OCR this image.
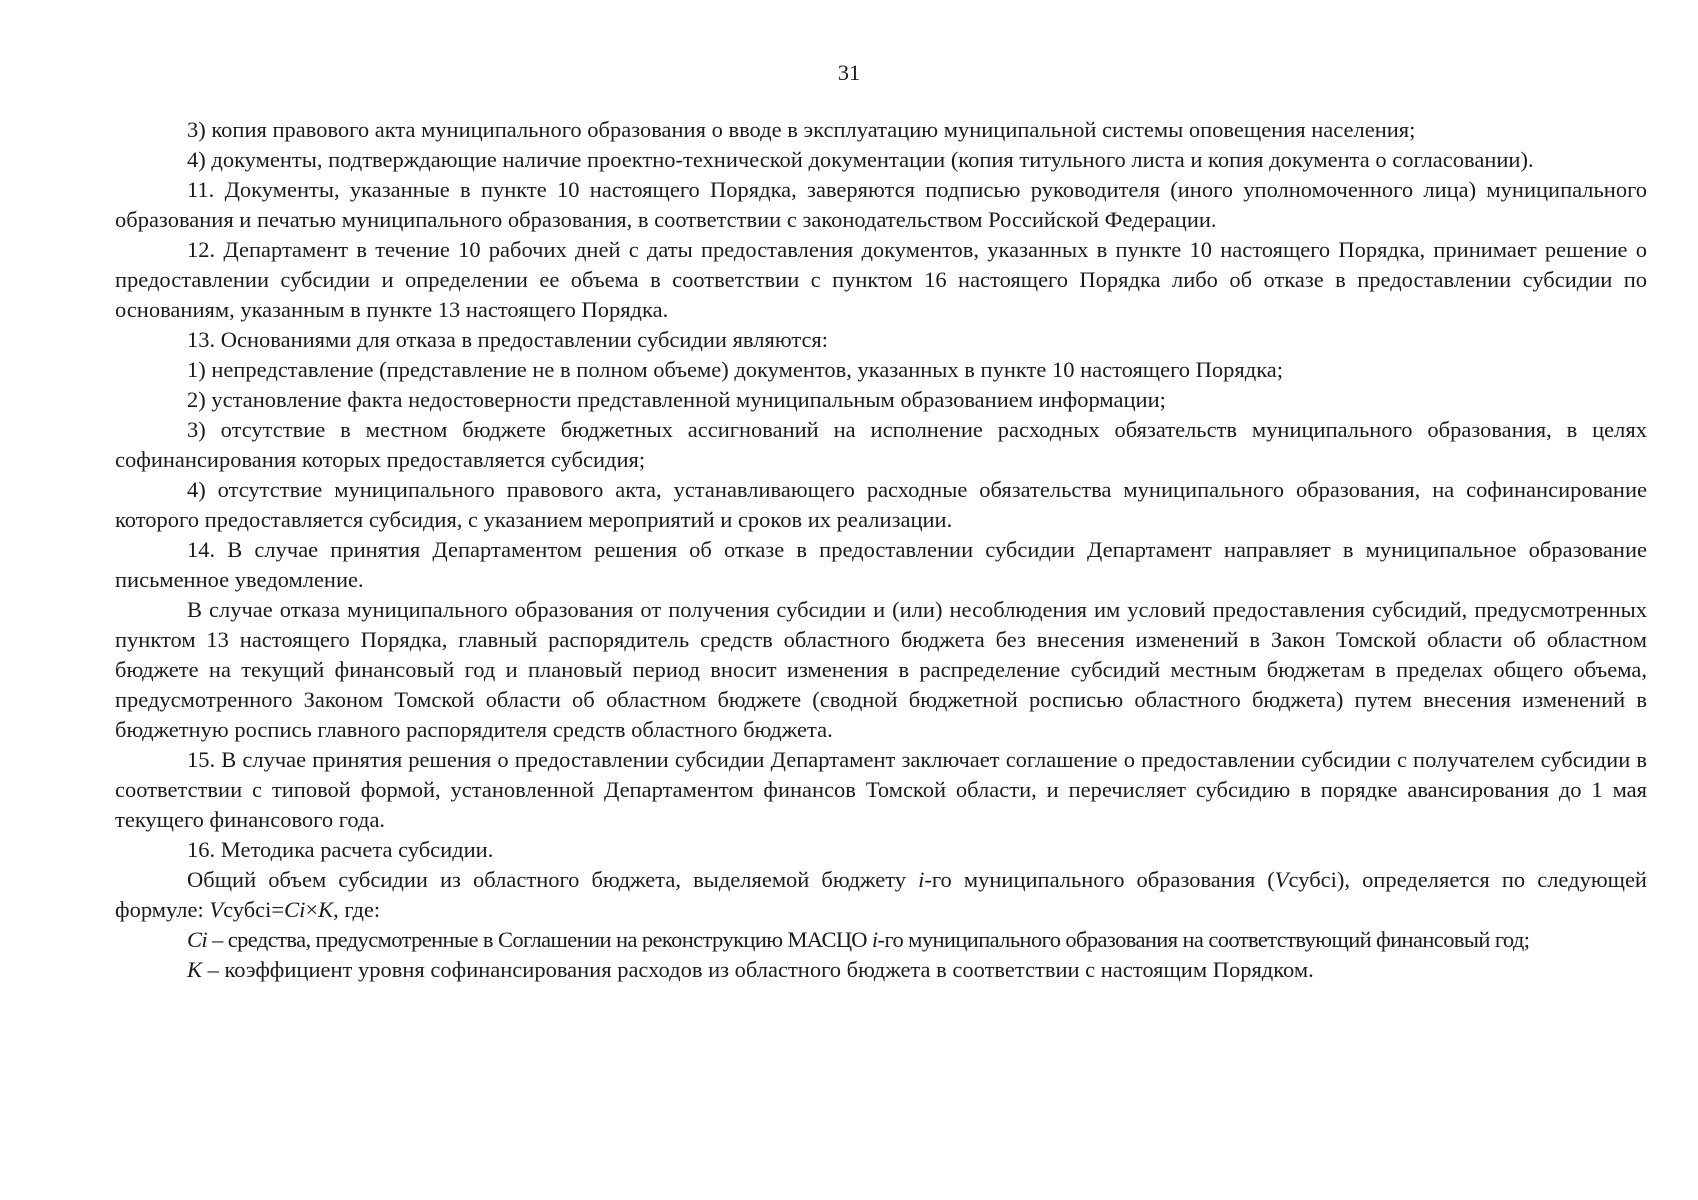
31

3) копия правового акта муниципального образования о вводе в эксплуатацию муниципальной системы оповещения населения;

4) документы, подтверждающие наличие проектно-технической документации (копия титульного листа и копия документа о согласовании).

11. Документы, указанные в пункте 10 настоящего Порядка, заверяются подписью руководителя (иного уполномоченного лица) муниципального образования и печатью муниципального образования, в соответствии с законодательством Российской Федерации.

12. Департамент в течение 10 рабочих дней с даты предоставления документов, указанных в пункте 10 настоящего Порядка, принимает решение о предоставлении субсидии и определении ее объема в соответствии с пунктом 16 настоящего Порядка либо об отказе в предоставлении субсидии по основаниям, указанным в пункте 13 настоящего Порядка.

13. Основаниями для отказа в предоставлении субсидии являются:

1) непредставление (представление не в полном объеме) документов, указанных в пункте 10 настоящего Порядка;

2) установление факта недостоверности представленной муниципальным образованием информации;

3) отсутствие в местном бюджете бюджетных ассигнований на исполнение расходных обязательств муниципального образования, в целях софинансирования которых предоставляется субсидия;

4) отсутствие муниципального правового акта, устанавливающего расходные обязательства муниципального образования, на софинансирование которого предоставляется субсидия, с указанием мероприятий и сроков их реализации.

14. В случае принятия Департаментом решения об отказе в предоставлении субсидии Департамент направляет в муниципальное образование письменное уведомление.

В случае отказа муниципального образования от получения субсидии и (или) несоблюдения им условий предоставления субсидий, предусмотренных пунктом 13 настоящего Порядка, главный распорядитель средств областного бюджета без внесения изменений в Закон Томской области об областном бюджете на текущий финансовый год и плановый период вносит изменения в распределение субсидий местным бюджетам в пределах общего объема, предусмотренного Законом Томской области об областном бюджете (сводной бюджетной росписью областного бюджета) путем внесения изменений в бюджетную роспись главного распорядителя средств областного бюджета.

15. В случае принятия решения о предоставлении субсидии Департамент заключает соглашение о предоставлении субсидии с получателем субсидии в соответствии с типовой формой, установленной Департаментом финансов Томской области, и перечисляет субсидию в порядке авансирования до 1 мая текущего финансового года.

16. Методика расчета субсидии.

Общий объем субсидии из областного бюджета, выделяемой бюджету i-го муниципального образования (Vсубсi), определяется по следующей формуле: Vсубсi=Ci×K, где:

Ci – средства, предусмотренные в Соглашении на реконструкцию МАСЦО i-го муниципального образования на соответствующий финансовый год;

K – коэффициент уровня софинансирования расходов из областного бюджета в соответствии с настоящим Порядком.
